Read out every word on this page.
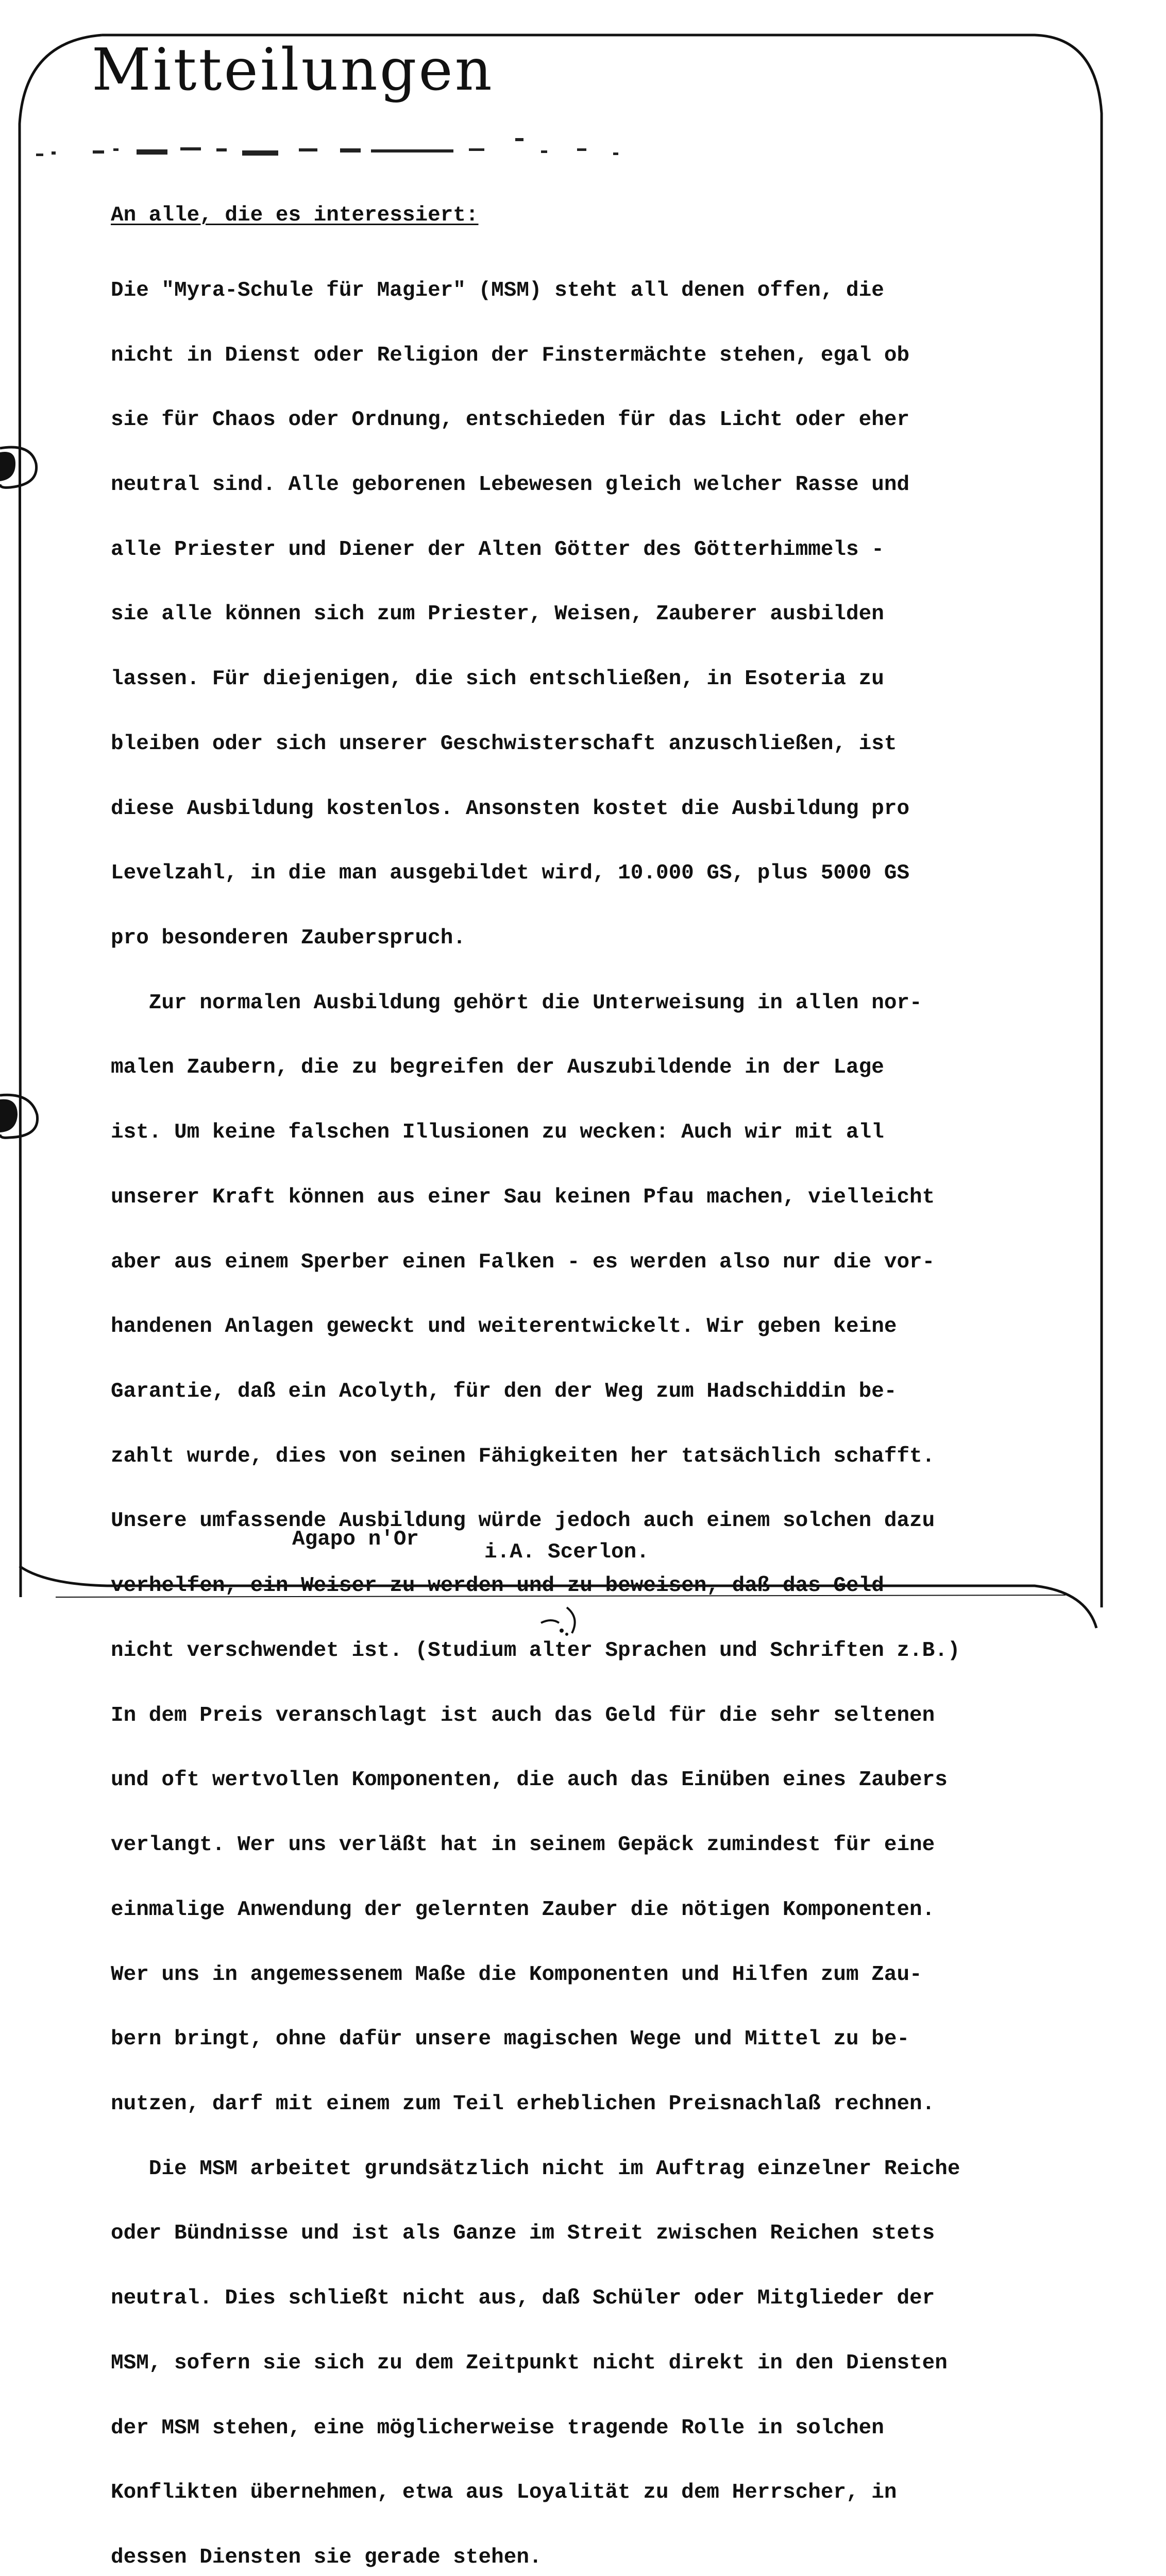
Mitteilungen
An alle, die es interessiert:

Die "Myra-Schule für Magier" (MSM) steht all denen offen, die

nicht in Dienst oder Religion der Finstermächte stehen, egal ob

sie für Chaos oder Ordnung, entschieden für das Licht oder eher

neutral sind. Alle geborenen Lebewesen gleich welcher Rasse und

alle Priester und Diener der Alten Götter des Götterhimmels -

sie alle können sich zum Priester, Weisen, Zauberer ausbilden

lassen. Für diejenigen, die sich entschließen, in Esoteria zu

bleiben oder sich unserer Geschwisterschaft anzuschließen, ist

diese Ausbildung kostenlos. Ansonsten kostet die Ausbildung pro

Levelzahl, in die man ausgebildet wird, 10.000 GS, plus 5000 GS

pro besonderen Zauberspruch.

Zur normalen Ausbildung gehört die Unterweisung in allen nor-

malen Zaubern, die zu begreifen der Auszubildende in der Lage

ist. Um keine falschen Illusionen zu wecken: Auch wir mit all

unserer Kraft können aus einer Sau keinen Pfau machen, vielleicht

aber aus einem Sperber einen Falken - es werden also nur die vor-

handenen Anlagen geweckt und weiterentwickelt. Wir geben keine

Garantie, daß ein Acolyth, für den der Weg zum Hadschiddin be-

zahlt wurde, dies von seinen Fähigkeiten her tatsächlich schafft.

Unsere umfassende Ausbildung würde jedoch auch einem solchen dazu

verhelfen, ein Weiser zu werden und zu beweisen, daß das Geld

nicht verschwendet ist. (Studium alter Sprachen und Schriften z.B.)

In dem Preis veranschlagt ist auch das Geld für die sehr seltenen

und oft wertvollen Komponenten, die auch das Einüben eines Zaubers

verlangt. Wer uns verläßt hat in seinem Gepäck zumindest für eine

einmalige Anwendung der gelernten Zauber die nötigen Komponenten.

Wer uns in angemessenem Maße die Komponenten und Hilfen zum Zau-

bern bringt, ohne dafür unsere magischen Wege und Mittel zu be-

nutzen, darf mit einem zum Teil erheblichen Preisnachlaß rechnen.

Die MSM arbeitet grundsätzlich nicht im Auftrag einzelner Reiche

oder Bündnisse und ist als Ganze im Streit zwischen Reichen stets

neutral. Dies schließt nicht aus, daß Schüler oder Mitglieder der

MSM, sofern sie sich zu dem Zeitpunkt nicht direkt in den Diensten

der MSM stehen, eine möglicherweise tragende Rolle in solchen

Konflikten übernehmen, etwa aus Loyalität zu dem Herrscher, in

dessen Diensten sie gerade stehen.

Agapo n'Or
i.A. Scerlon.
